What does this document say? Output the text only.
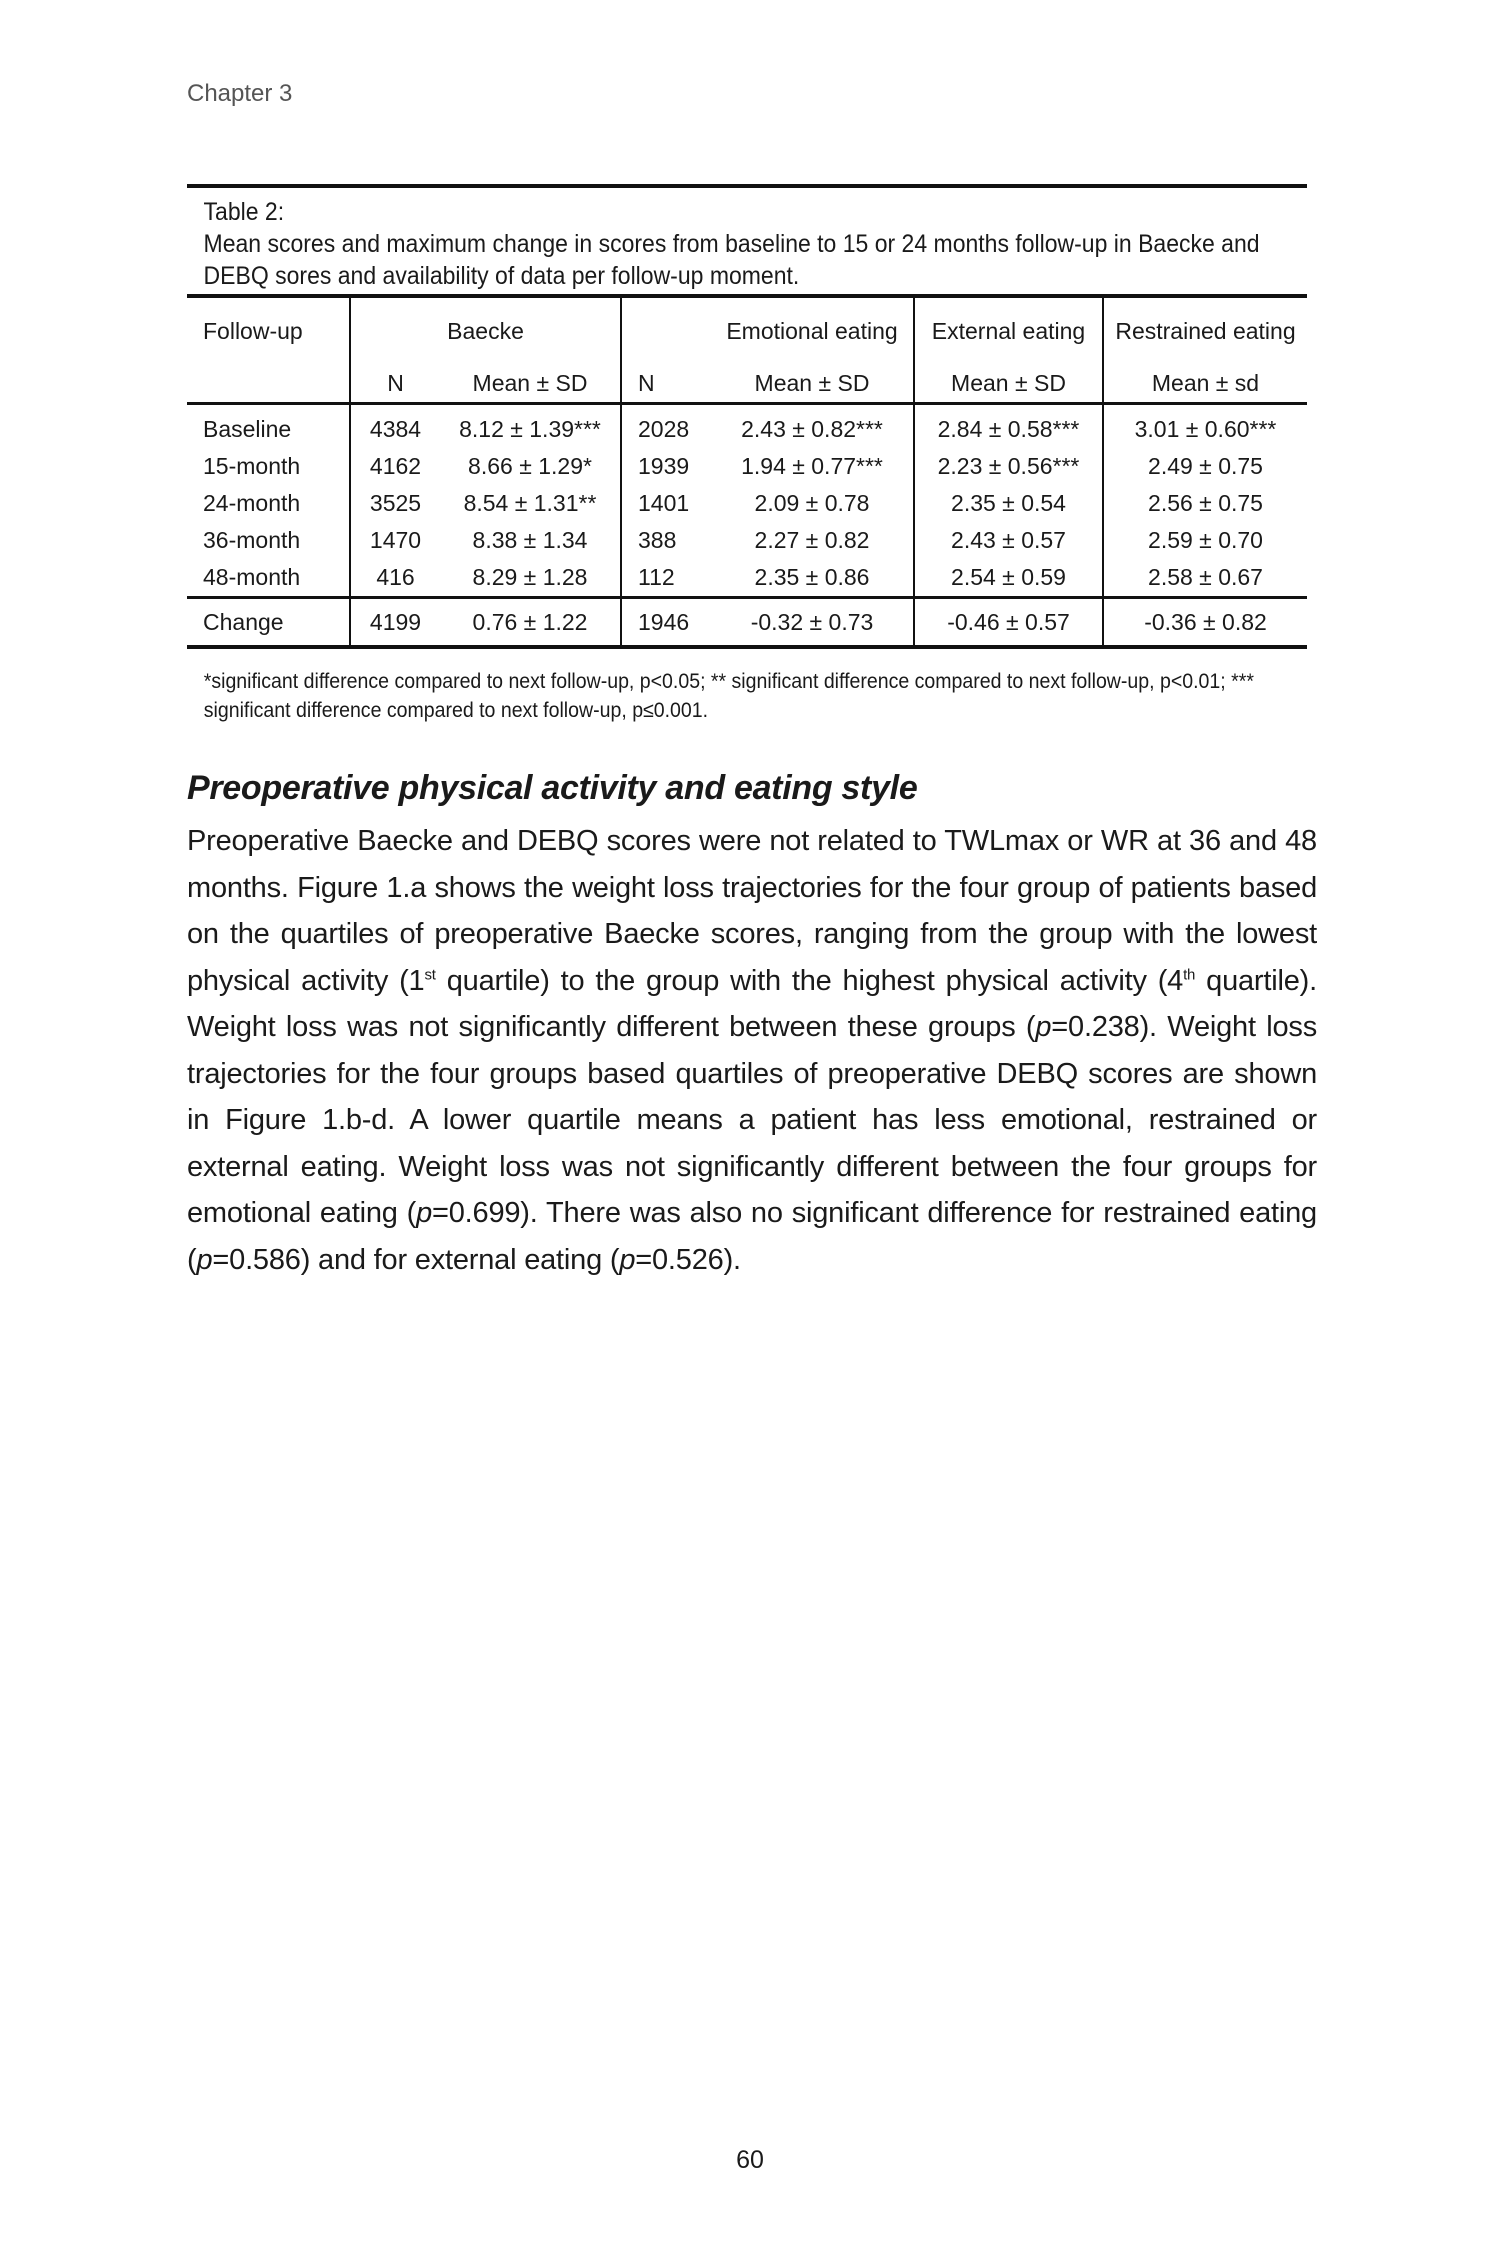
Chapter 3
Table 2:
Mean scores and maximum change in scores from baseline to 15 or 24 months follow-up in Baecke and DEBQ sores and availability of data per follow-up moment.
Follow-up	Baecke			Emotional eating	External eating	Restrained eating
	N	Mean ± SD	N	Mean ± SD	Mean ± SD	Mean ± sd
Baseline	4384	8.12 ± 1.39***	2028	2.43 ± 0.82***	2.84 ± 0.58***	3.01 ± 0.60***
15-month	4162	8.66 ± 1.29*	1939	1.94 ± 0.77***	2.23 ± 0.56***	2.49 ± 0.75
24-month	3525	8.54 ± 1.31**	1401	2.09 ± 0.78	2.35 ± 0.54	2.56 ± 0.75
36-month	1470	8.38 ± 1.34	388	2.27 ± 0.82	2.43 ± 0.57	2.59 ± 0.70
48-month	416	8.29 ± 1.28	112	2.35 ± 0.86	2.54 ± 0.59	2.58 ± 0.67
Change	4199	0.76 ± 1.22	1946	-0.32 ± 0.73	-0.46 ± 0.57	-0.36 ± 0.82
*significant difference compared to next follow-up, p<0.05; ** significant difference compared to next follow-up, p<0.01; *** significant difference compared to next follow-up, p≤0.001.
Preoperative physical activity and eating style

Preoperative Baecke and DEBQ scores were not related to TWLmax or WR at 36 and 48 months. Figure 1.a shows the weight loss trajectories for the four group of patients based on the quartiles of preoperative Baecke scores, ranging from the group with the lowest physical activity (1st quartile) to the group with the highest physical activity (4th quartile). Weight loss was not significantly different between these groups (p=0.238). Weight loss trajectories for the four groups based quartiles of preoperative DEBQ scores are shown in Figure 1.b-d. A lower quartile means a patient has less emotional, restrained or external eating. Weight loss was not significantly different between the four groups for emotional eating (p=0.699). There was also no significant difference for restrained eating (p=0.586) and for external eating (p=0.526).

60
